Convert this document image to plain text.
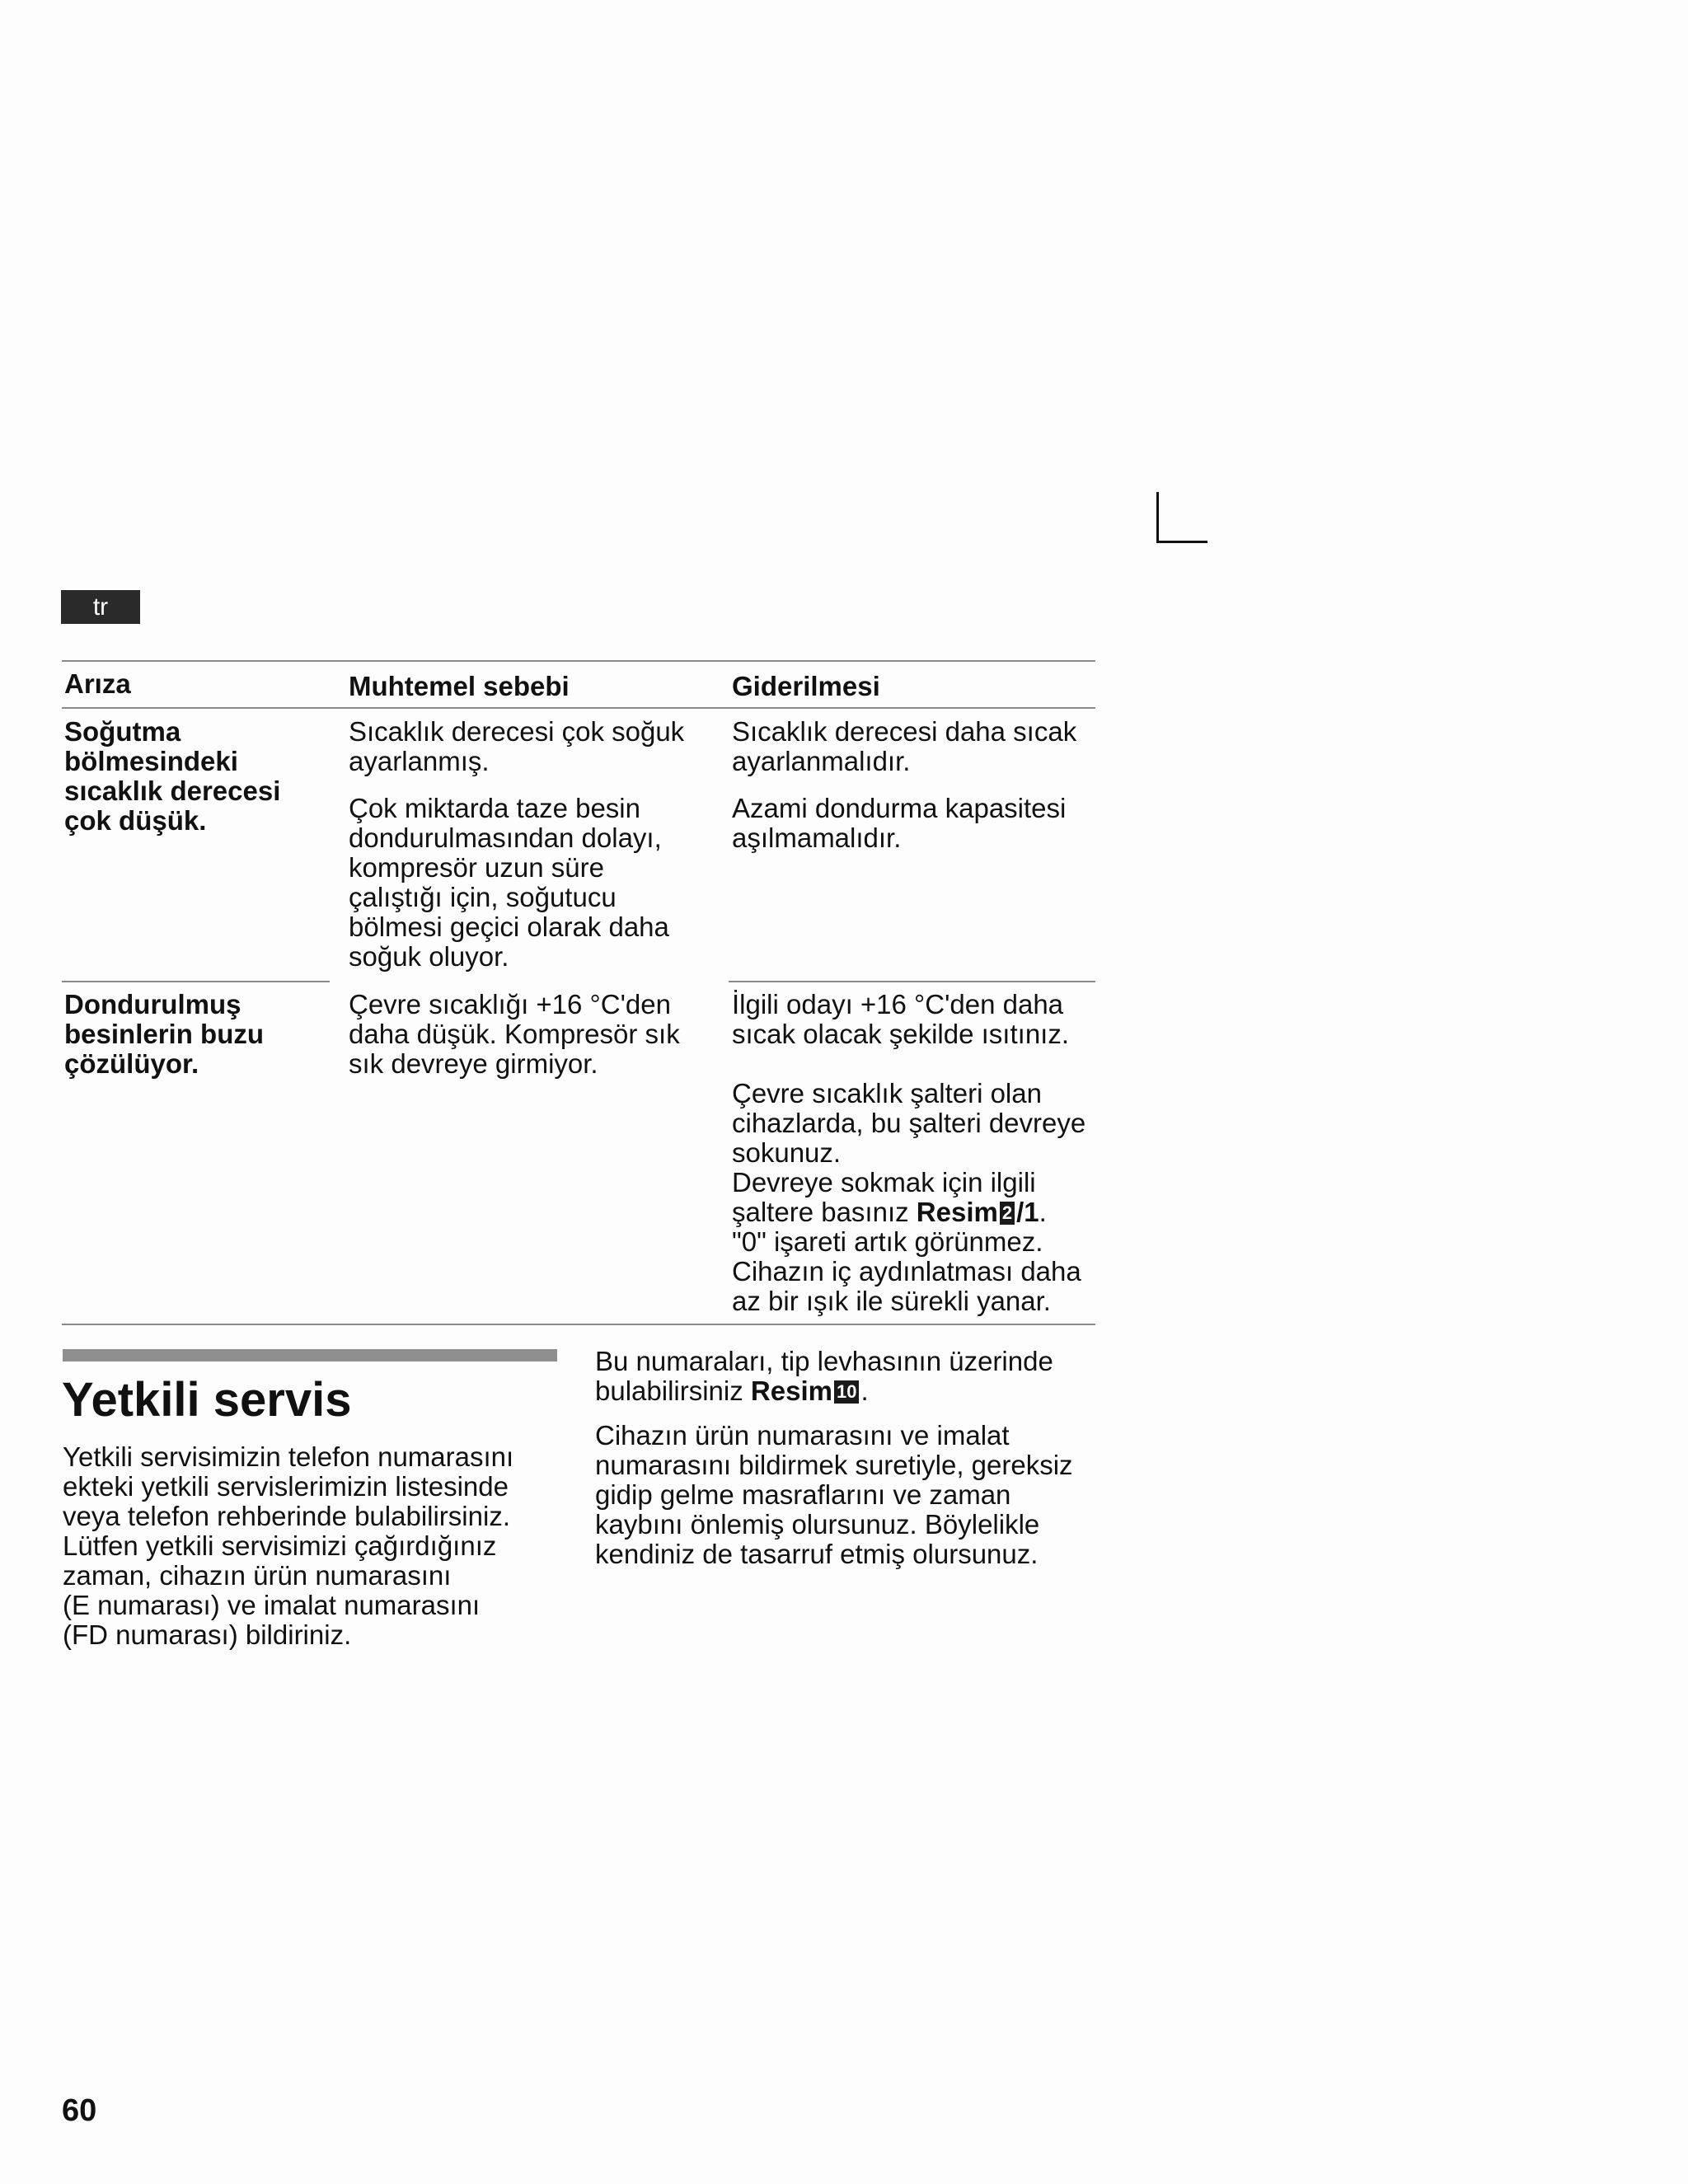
tr
Arıza	Muhtemel sebebi	Giderilmesi
Soğutma
bölmesindeki
sıcaklık derecesi
çok düşük.
Sıcaklık derecesi çok soğuk
ayarlanmış.
Çok miktarda taze besin
dondurulmasından dolayı,
kompresör uzun süre
çalıştığı için, soğutucu
bölmesi geçici olarak daha
soğuk oluyor.
Sıcaklık derecesi daha sıcak
ayarlanmalıdır.
Azami dondurma kapasitesi
aşılmamalıdır.
Dondurulmuş
besinlerin buzu
çözülüyor.
Çevre sıcaklığı +16 °C'den
daha düşük. Kompresör sık
sık devreye girmiyor.
İlgili odayı +16 °C'den daha
sıcak olacak şekilde ısıtınız.
Çevre sıcaklık şalteri olan
cihazlarda, bu şalteri devreye
sokunuz.
Devreye sokmak için ilgili
şaltere basınız Resim 2 /1.
"0" işareti artık görünmez.
Cihazın iç aydınlatması daha
az bir ışık ile sürekli yanar.
Yetkili servis
Yetkili servisimizin telefon numarasını
ekteki yetkili servislerimizin listesinde
veya telefon rehberinde bulabilirsiniz.
Lütfen yetkili servisimizi çağırdığınız
zaman, cihazın ürün numarasını
(E numarası) ve imalat numarasını
(FD numarası) bildiriniz.
Bu numaraları, tip levhasının üzerinde
bulabilirsiniz Resim 10 .
Cihazın ürün numarasını ve imalat
numarasını bildirmek suretiyle, gereksiz
gidip gelme masraflarını ve zaman
kaybını önlemiş olursunuz. Böylelikle
kendiniz de tasarruf etmiş olursunuz.
60
